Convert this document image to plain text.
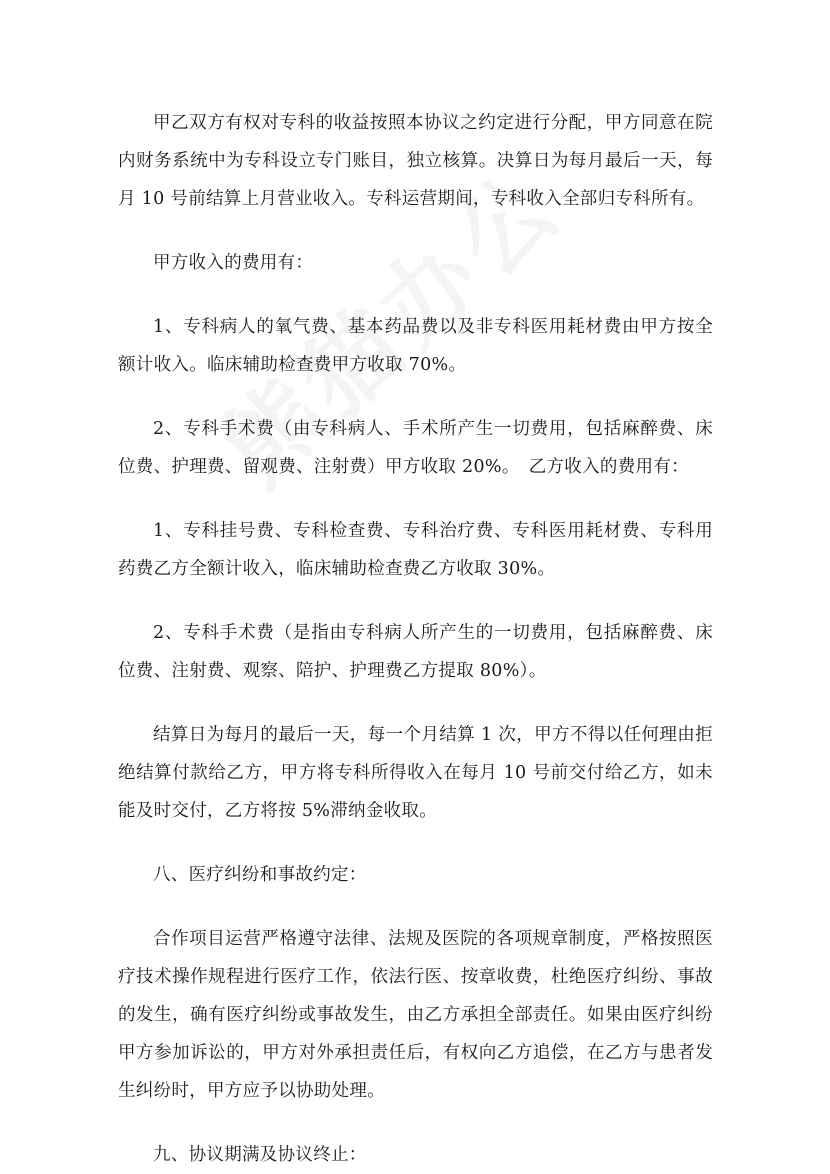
甲乙双方有权对专科的收益按照本协议之约定进行分配，甲方同意在院内财务系统中为专科设立专门账目，独立核算。决算日为每月最后一天，每月 10 号前结算上月营业收入。专科运营期间，专科收入全部归专科所有。

甲方收入的费用有：

1、专科病人的氧气费、基本药品费以及非专科医用耗材费由甲方按全额计收入。临床辅助检查费甲方收取 70%。

2、专科手术费（由专科病人、手术所产生一切费用，包括麻醉费、床位费、护理费、留观费、注射费）甲方收取 20%。　乙方收入的费用有：

1、专科挂号费、专科检查费、专科治疗费、专科医用耗材费、专科用药费乙方全额计收入，临床辅助检查费乙方收取 30%。

2、专科手术费（是指由专科病人所产生的一切费用，包括麻醉费、床位费、注射费、观察、陪护、护理费乙方提取 80%）。

结算日为每月的最后一天，每一个月结算 1 次，甲方不得以任何理由拒绝结算付款给乙方，甲方将专科所得收入在每月 10 号前交付给乙方，如未能及时交付，乙方将按 5%滞纳金收取。

八、医疗纠纷和事故约定：

合作项目运营严格遵守法律、法规及医院的各项规章制度，严格按照医疗技术操作规程进行医疗工作，依法行医、按章收费，杜绝医疗纠纷、事故的发生，确有医疗纠纷或事故发生，由乙方承担全部责任。如果由医疗纠纷甲方参加诉讼的，甲方对外承担责任后，有权向乙方追偿，在乙方与患者发生纠纷时，甲方应予以协助处理。

九、协议期满及协议终止：
